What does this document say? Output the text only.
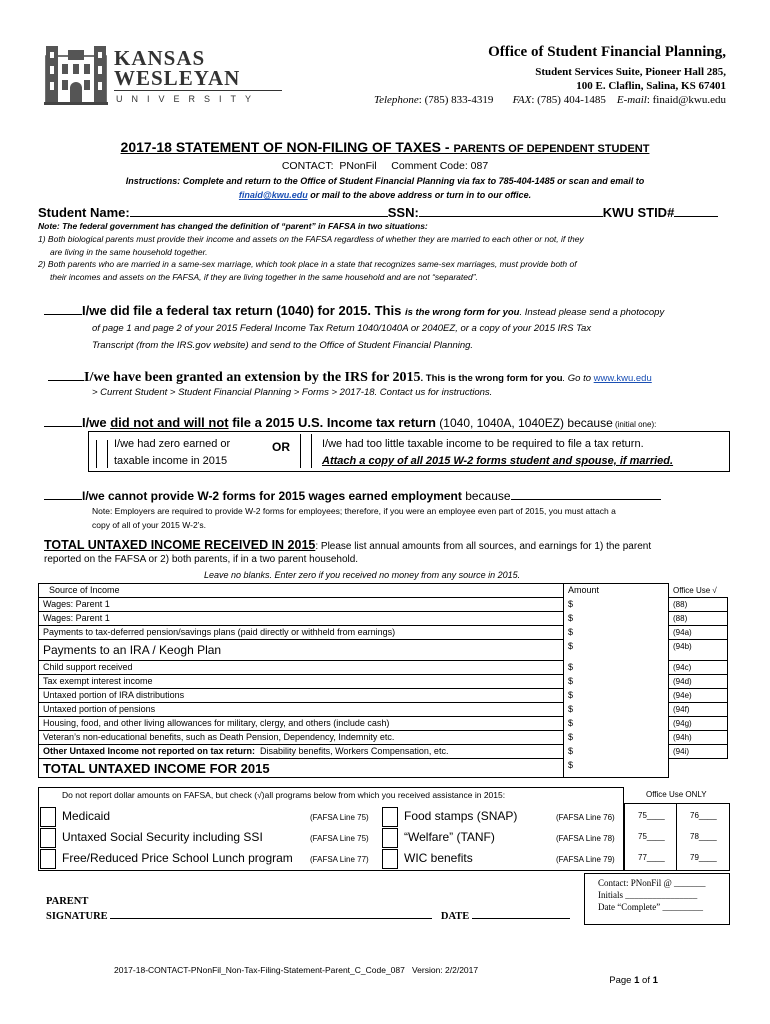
KANSAS
WESLEYAN
UNIVERSITY
Office of Student Financial Planning,
Student Services Suite, Pioneer Hall 285,
100 E. Claflin, Salina, KS 67401
Telephone: (785) 833-4319 FAX: (785) 404-1485 E-mail: finaid@kwu.edu
2017-18 STATEMENT OF NON-FILING OF TAXES - PARENTS OF DEPENDENT STUDENT
CONTACT:  PNonFil     Comment Code: 087
Instructions: Complete and return to the Office of Student Financial Planning via fax to 785-404-1485 or scan and email to
finaid@kwu.edu or mail to the above address or turn in to our office.
Student Name:	SSN:	KWU STID#
Note: The federal government has changed the definition of “parent” in FAFSA in two situations:
1) Both biological parents must provide their income and assets on the FAFSA regardless of whether they are married to each other or not, if they
are living in the same household together.
2) Both parents who are married in a same-sex marriage, which took place in a state that recognizes same-sex marriages, must provide both of
their incomes and assets on the FAFSA, if they are living together in the same household and are not “separated”.
I/we did file a federal tax return (1040) for 2015. This is the wrong form for you. Instead please send a photocopy
of page 1 and page 2 of your 2015 Federal Income Tax Return 1040/1040A or 2040EZ, or a copy of your 2015 IRS Tax
Transcript (from the IRS.gov website) and send to the Office of Student Financial Planning.
I/we have been granted an extension by the IRS for 2015. This is the wrong form for you. Go to www.kwu.edu
> Current Student > Student Financial Planning > Forms > 2017-18. Contact us for instructions.
I/we did not and will not file a 2015 U.S. Income tax return (1040, 1040A, 1040EZ) because (initial one):
I/we had zero earned or
taxable income in 2015
OR	I/we had too little taxable income to be required to file a tax return.
Attach a copy of all 2015 W-2 forms student and spouse, if married.
I/we cannot provide W-2 forms for 2015 wages earned employment because
Note: Employers are required to provide W-2 forms for employees; therefore, if you were an employee even part of 2015, you must attach a
copy of all of your 2015 W-2’s.
TOTAL UNTAXED INCOME RECEIVED IN 2015: Please list annual amounts from all sources, and earnings for 1) the parent
reported on the FAFSA or 2) both parents, if in a two parent household.
Leave no blanks. Enter zero if you received no money from any source in 2015.
Source of Income	Amount	Office Use √
Wages: Parent 1	$	(88)
Wages: Parent 1	$	(88)
Payments to tax-deferred pension/savings plans (paid directly or withheld from earnings)	$	(94a)
Payments to an IRA / Keogh Plan	$	(94b)
Child support received	$	(94c)
Tax exempt interest income	$	(94d)
Untaxed portion of IRA distributions	$	(94e)
Untaxed portion of pensions	$	(94f)
Housing, food, and other living allowances for military, clergy, and others (include cash)	$	(94g)
Veteran’s non-educational benefits, such as Death Pension, Dependency, Indemnity etc.	$	(94h)
Other Untaxed Income not reported on tax return:  Disability benefits, Workers Compensation, etc.	$	(94i)
TOTAL UNTAXED INCOME FOR 2015	$	
Do not report dollar amounts on FAFSA, but check (√)all programs below from which you received assistance in 2015:	Office Use ONLY
Medicaid	(FAFSA Line 75)
Untaxed Social Security including SSI	(FAFSA Line 75)
Free/Reduced Price School Lunch program (FAFSA Line 77)
Food stamps (SNAP)	(FAFSA Line 76)
“Welfare” (TANF)	(FAFSA Line 78)
WIC benefits	(FAFSA Line 79)
75____	76____
75____	78____
77____	79____
Contact: PNonFil @ _______
Initials ________________
Date “Complete” _________
PARENT
SIGNATURE	DATE
2017-18-CONTACT-PNonFil_Non-Tax-Filing-Statement-Parent_C_Code_087   Version: 2/2/2017

Page 1 of 1
